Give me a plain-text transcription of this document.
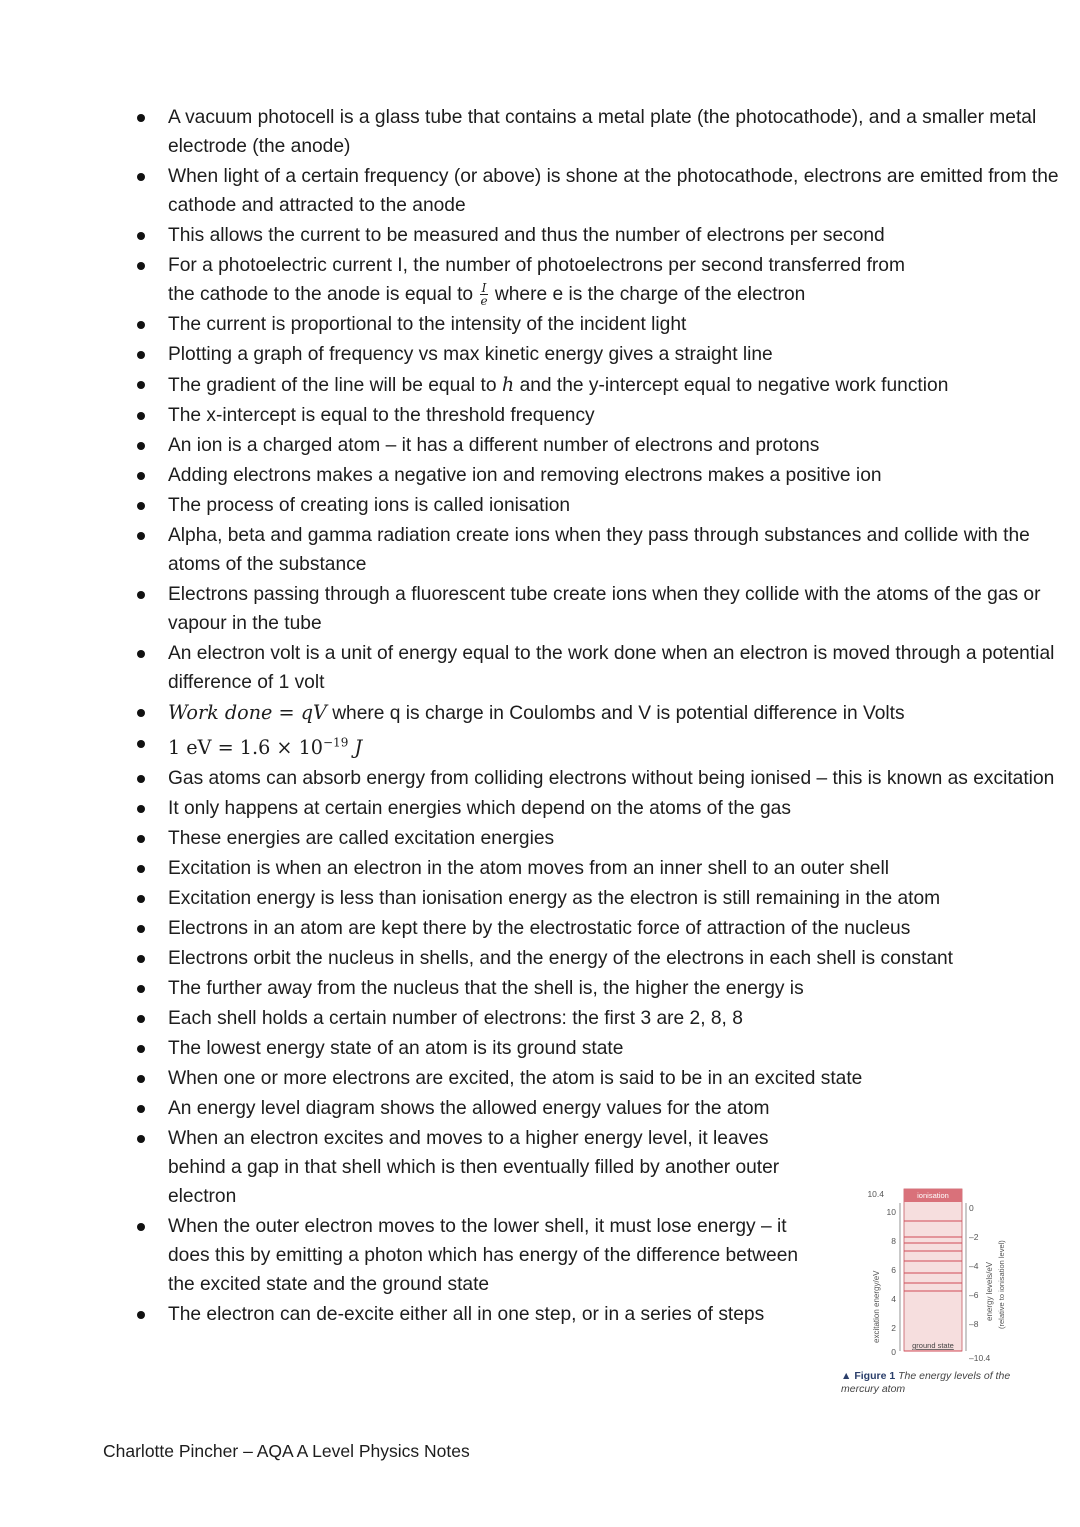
A vacuum photocell is a glass tube that contains a metal plate (the photocathode), and a smaller metal electrode (the anode)
When light of a certain frequency (or above) is shone at the photocathode, electrons are emitted from the cathode and attracted to the anode
This allows the current to be measured and thus the number of electrons per second
For a photoelectric current I, the number of photoelectrons per second transferred from
the cathode to the anode is equal to $\frac{I}{e}$ where e is the charge of the electron
The current is proportional to the intensity of the incident light
Plotting a graph of frequency vs max kinetic energy gives a straight line
The gradient of the line will be equal to h and the y-intercept equal to negative work function
The x-intercept is equal to the threshold frequency
An ion is a charged atom – it has a different number of electrons and protons
Adding electrons makes a negative ion and removing electrons makes a positive ion
The process of creating ions is called ionisation
Alpha, beta and gamma radiation create ions when they pass through substances and collide with the atoms of the substance
Electrons passing through a fluorescent tube create ions when they collide with the atoms of the gas or vapour in the tube
An electron volt is a unit of energy equal to the work done when an electron is moved through a potential difference of 1 volt
Work done = qV where q is charge in Coulombs and V is potential difference in Volts
1 eV = $1.6 \times 10^{-19}$ J
Gas atoms can absorb energy from colliding electrons without being ionised – this is known as excitation
It only happens at certain energies which depend on the atoms of the gas
These energies are called excitation energies
Excitation is when an electron in the atom moves from an inner shell to an outer shell
Excitation energy is less than ionisation energy as the electron is still remaining in the atom
Electrons in an atom are kept there by the electrostatic force of attraction of the nucleus
Electrons orbit the nucleus in shells, and the energy of the electrons in each shell is constant
The further away from the nucleus that the shell is, the higher the energy is
Each shell holds a certain number of electrons: the first 3 are 2, 8, 8
The lowest energy state of an atom is its ground state
When one or more electrons are excited, the atom is said to be in an excited state
An energy level diagram shows the allowed energy values for the atom
When an electron excites and moves to a higher energy level, it leaves behind a gap in that shell which is then eventually filled by another outer electron
When the outer electron moves to the lower shell, it must lose energy – it does this by emitting a photon which has energy of the difference between the excited state and the ground state
The electron can de-excite either all in one step, or in a series of steps
ionisation
ground state
10.4
10
8
6
4
2
0
0
–2
–4
–6
–8
–10.4
excitation energy/eV	energy levels/eV (relative to ionisation level)
▲ Figure 1 The energy levels of the mercury atom
Charlotte Pincher – AQA A Level Physics Notes
